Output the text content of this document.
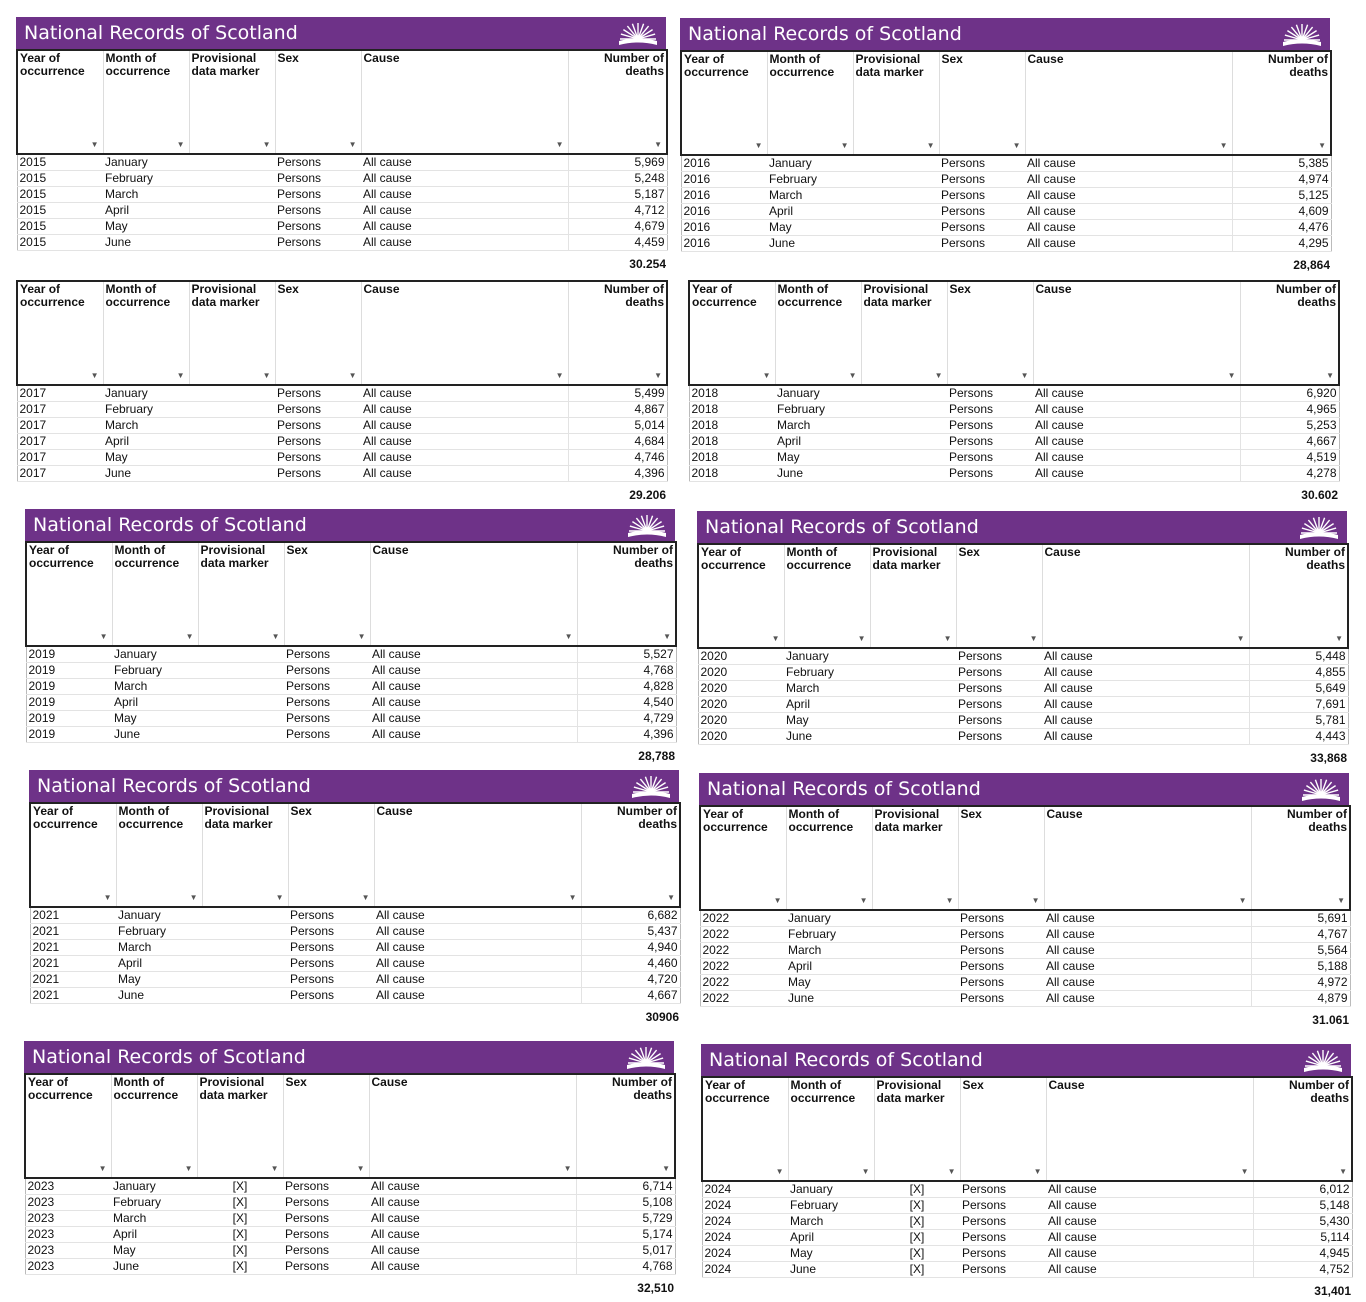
National Records of Scotland
Year of occurrence
▼	Month of occurrence
▼	Provisional data marker
▼	Sex
▼	Cause
▼	Number of deaths
▼

2015	January		Persons	All cause	5,969
2015	February		Persons	All cause	5,248
2015	March		Persons	All cause	5,187
2015	April		Persons	All cause	4,712
2015	May		Persons	All cause	4,679
2015	June		Persons	All cause	4,459
30.254
National Records of Scotland
Year of occurrence
▼	Month of occurrence
▼	Provisional data marker
▼	Sex
▼	Cause
▼	Number of deaths
▼

2016	January		Persons	All cause	5,385
2016	February		Persons	All cause	4,974
2016	March		Persons	All cause	5,125
2016	April		Persons	All cause	4,609
2016	May		Persons	All cause	4,476
2016	June		Persons	All cause	4,295
28,864
Year of occurrence
▼	Month of occurrence
▼	Provisional data marker
▼	Sex
▼	Cause
▼	Number of deaths
▼

2017	January		Persons	All cause	5,499
2017	February		Persons	All cause	4,867
2017	March		Persons	All cause	5,014
2017	April		Persons	All cause	4,684
2017	May		Persons	All cause	4,746
2017	June		Persons	All cause	4,396
29.206
Year of occurrence
▼	Month of occurrence
▼	Provisional data marker
▼	Sex
▼	Cause
▼	Number of deaths
▼

2018	January		Persons	All cause	6,920
2018	February		Persons	All cause	4,965
2018	March		Persons	All cause	5,253
2018	April		Persons	All cause	4,667
2018	May		Persons	All cause	4,519
2018	June		Persons	All cause	4,278
30.602
National Records of Scotland
Year of occurrence
▼	Month of occurrence
▼	Provisional data marker
▼	Sex
▼	Cause
▼	Number of deaths
▼

2019	January		Persons	All cause	5,527
2019	February		Persons	All cause	4,768
2019	March		Persons	All cause	4,828
2019	April		Persons	All cause	4,540
2019	May		Persons	All cause	4,729
2019	June		Persons	All cause	4,396
28,788
National Records of Scotland
Year of occurrence
▼	Month of occurrence
▼	Provisional data marker
▼	Sex
▼	Cause
▼	Number of deaths
▼

2020	January		Persons	All cause	5,448
2020	February		Persons	All cause	4,855
2020	March		Persons	All cause	5,649
2020	April		Persons	All cause	7,691
2020	May		Persons	All cause	5,781
2020	June		Persons	All cause	4,443
33,868
National Records of Scotland
Year of occurrence
▼	Month of occurrence
▼	Provisional data marker
▼	Sex
▼	Cause
▼	Number of deaths
▼

2021	January		Persons	All cause	6,682
2021	February		Persons	All cause	5,437
2021	March		Persons	All cause	4,940
2021	April		Persons	All cause	4,460
2021	May		Persons	All cause	4,720
2021	June		Persons	All cause	4,667
30906
National Records of Scotland
Year of occurrence
▼	Month of occurrence
▼	Provisional data marker
▼	Sex
▼	Cause
▼	Number of deaths
▼

2022	January		Persons	All cause	5,691
2022	February		Persons	All cause	4,767
2022	March		Persons	All cause	5,564
2022	April		Persons	All cause	5,188
2022	May		Persons	All cause	4,972
2022	June		Persons	All cause	4,879
31.061
National Records of Scotland
Year of occurrence
▼	Month of occurrence
▼	Provisional data marker
▼	Sex
▼	Cause
▼	Number of deaths
▼

2023	January	[X]	Persons	All cause	6,714
2023	February	[X]	Persons	All cause	5,108
2023	March	[X]	Persons	All cause	5,729
2023	April	[X]	Persons	All cause	5,174
2023	May	[X]	Persons	All cause	5,017
2023	June	[X]	Persons	All cause	4,768
32,510
National Records of Scotland
Year of occurrence
▼	Month of occurrence
▼	Provisional data marker
▼	Sex
▼	Cause
▼	Number of deaths
▼

2024	January	[X]	Persons	All cause	6,012
2024	February	[X]	Persons	All cause	5,148
2024	March	[X]	Persons	All cause	5,430
2024	April	[X]	Persons	All cause	5,114
2024	May	[X]	Persons	All cause	4,945
2024	June	[X]	Persons	All cause	4,752
31,401
